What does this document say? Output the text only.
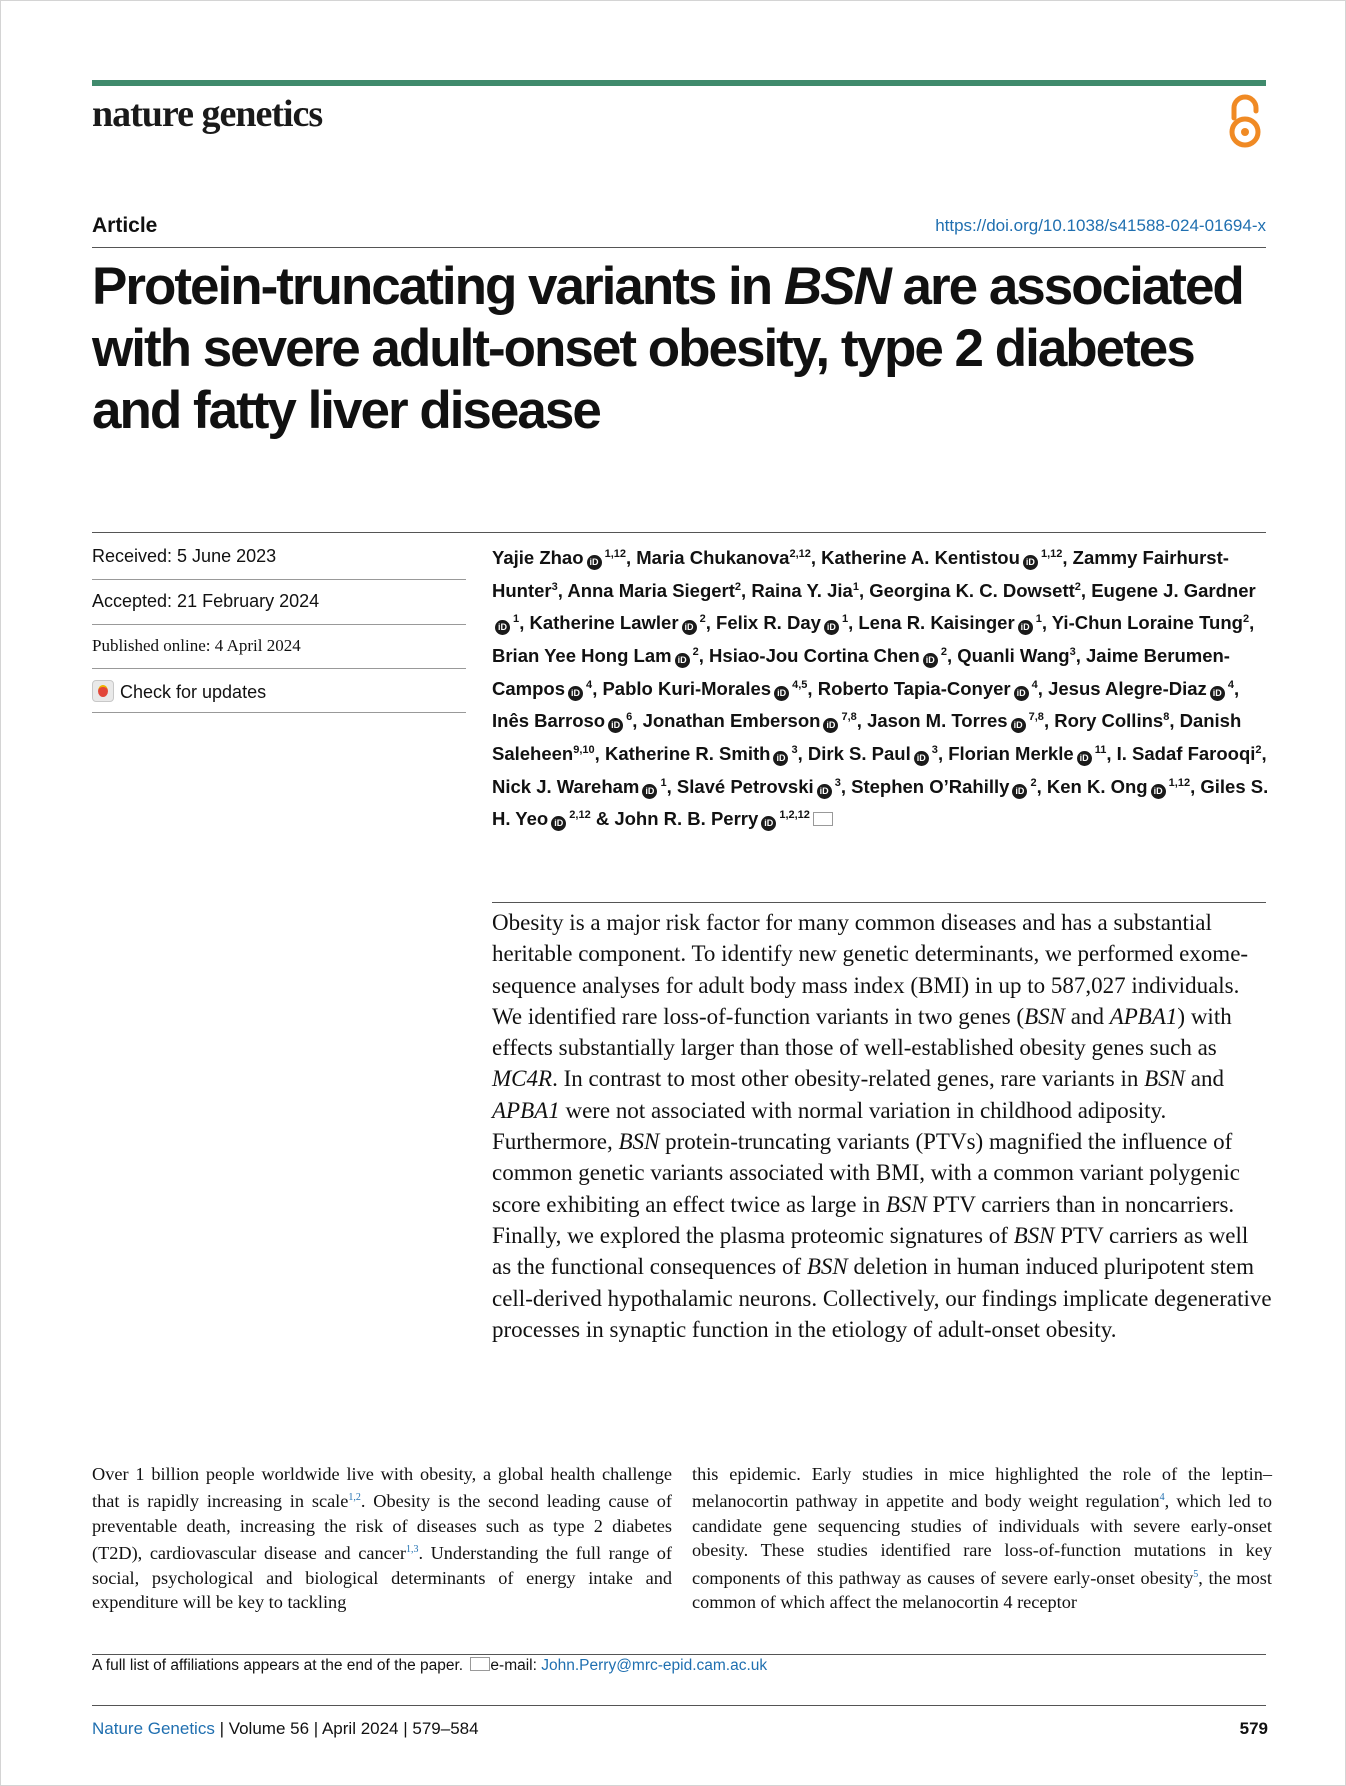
nature genetics
Article	https://doi.org/10.1038/s41588-024-01694-x
Protein-truncating variants in BSN are associated with severe adult-onset obesity, type 2 diabetes and fatty liver disease
Received: 5 June 2023
Accepted: 21 February 2024
Published online: 4 April 2024
Check for updates
Yajie Zhao iD $^{1,12}$, Maria Chukanova$^{2,12}$, Katherine A. Kentistou iD $^{1,12}$, Zammy Fairhurst-Hunter$^3$, Anna Maria Siegert$^2$, Raina Y. Jia$^1$, Georgina K. C. Dowsett$^2$, Eugene J. GardneriD $^1$, Katherine Lawler iD $^2$, Felix R. Day iD $^1$, Lena R. Kaisinger iD $^1$, Yi-Chun Loraine Tung$^2$, Brian Yee Hong Lam iD $^2$, Hsiao-Jou Cortina Chen iD $^2$, Quanli Wang$^3$, Jaime Berumen-Campos iD $^4$, Pablo Kuri-Morales iD $^{4,5}$, Roberto Tapia-Conyer iD $^4$, Jesus Alegre-Diaz iD $^4$, Inês Barroso iD $^6$, Jonathan Emberson iD $^{7,8}$, Jason M. Torres iD $^{7,8}$, Rory Collins$^8$, Danish Saleheen$^{9,10}$, Katherine R. Smith iD $^3$, Dirk S. Paul iD $^3$, Florian Merkle iD $^{11}$, I. Sadaf Farooqi$^2$, Nick J. Wareham iD $^1$, Slavé Petrovski iD $^3$, Stephen O’Rahilly iD $^2$, Ken K. Ong iD $^{1,12}$, Giles S. H. Yeo iD $^{2,12}$ & John R. B. Perry iD $^{1,2,12}$
Obesity is a major risk factor for many common diseases and has a substantial heritable component. To identify new genetic determinants, we performed exome-sequence analyses for adult body mass index (BMI) in up to 587,027 individuals. We identified rare loss-of-function variants in two genes (BSN and APBA1) with effects substantially larger than those of well-established obesity genes such as MC4R. In contrast to most other obesity-related genes, rare variants in BSN and APBA1 were not associated with normal variation in childhood adiposity. Furthermore, BSN protein-truncating variants (PTVs) magnified the influence of common genetic variants associated with BMI, with a common variant polygenic score exhibiting an effect twice as large in BSN PTV carriers than in noncarriers. Finally, we explored the plasma proteomic signatures of BSN PTV carriers as well as the functional consequences of BSN deletion in human induced pluripotent stem cell-derived hypothalamic neurons. Collectively, our findings implicate degenerative processes in synaptic function in the etiology of adult-onset obesity.
Over 1 billion people worldwide live with obesity, a global health challenge that is rapidly increasing in scale$^{1,2}$. Obesity is the second leading cause of preventable death, increasing the risk of diseases such as type 2 diabetes (T2D), cardiovascular disease and cancer$^{1,3}$. Understanding the full range of social, psychological and biological determinants of energy intake and expenditure will be key to tackling
this epidemic. Early studies in mice highlighted the role of the leptin–melanocortin pathway in appetite and body weight regulation$^4$, which led to candidate gene sequencing studies of individuals with severe early-onset obesity. These studies identified rare loss-of-function mutations in key components of this pathway as causes of severe early-onset obesity$^5$, the most common of which affect the melanocortin 4 receptor
A full list of affiliations appears at the end of the paper. e-mail: John.Perry@mrc-epid.cam.ac.uk
Nature Genetics | Volume 56 | April 2024 | 579–584	579
